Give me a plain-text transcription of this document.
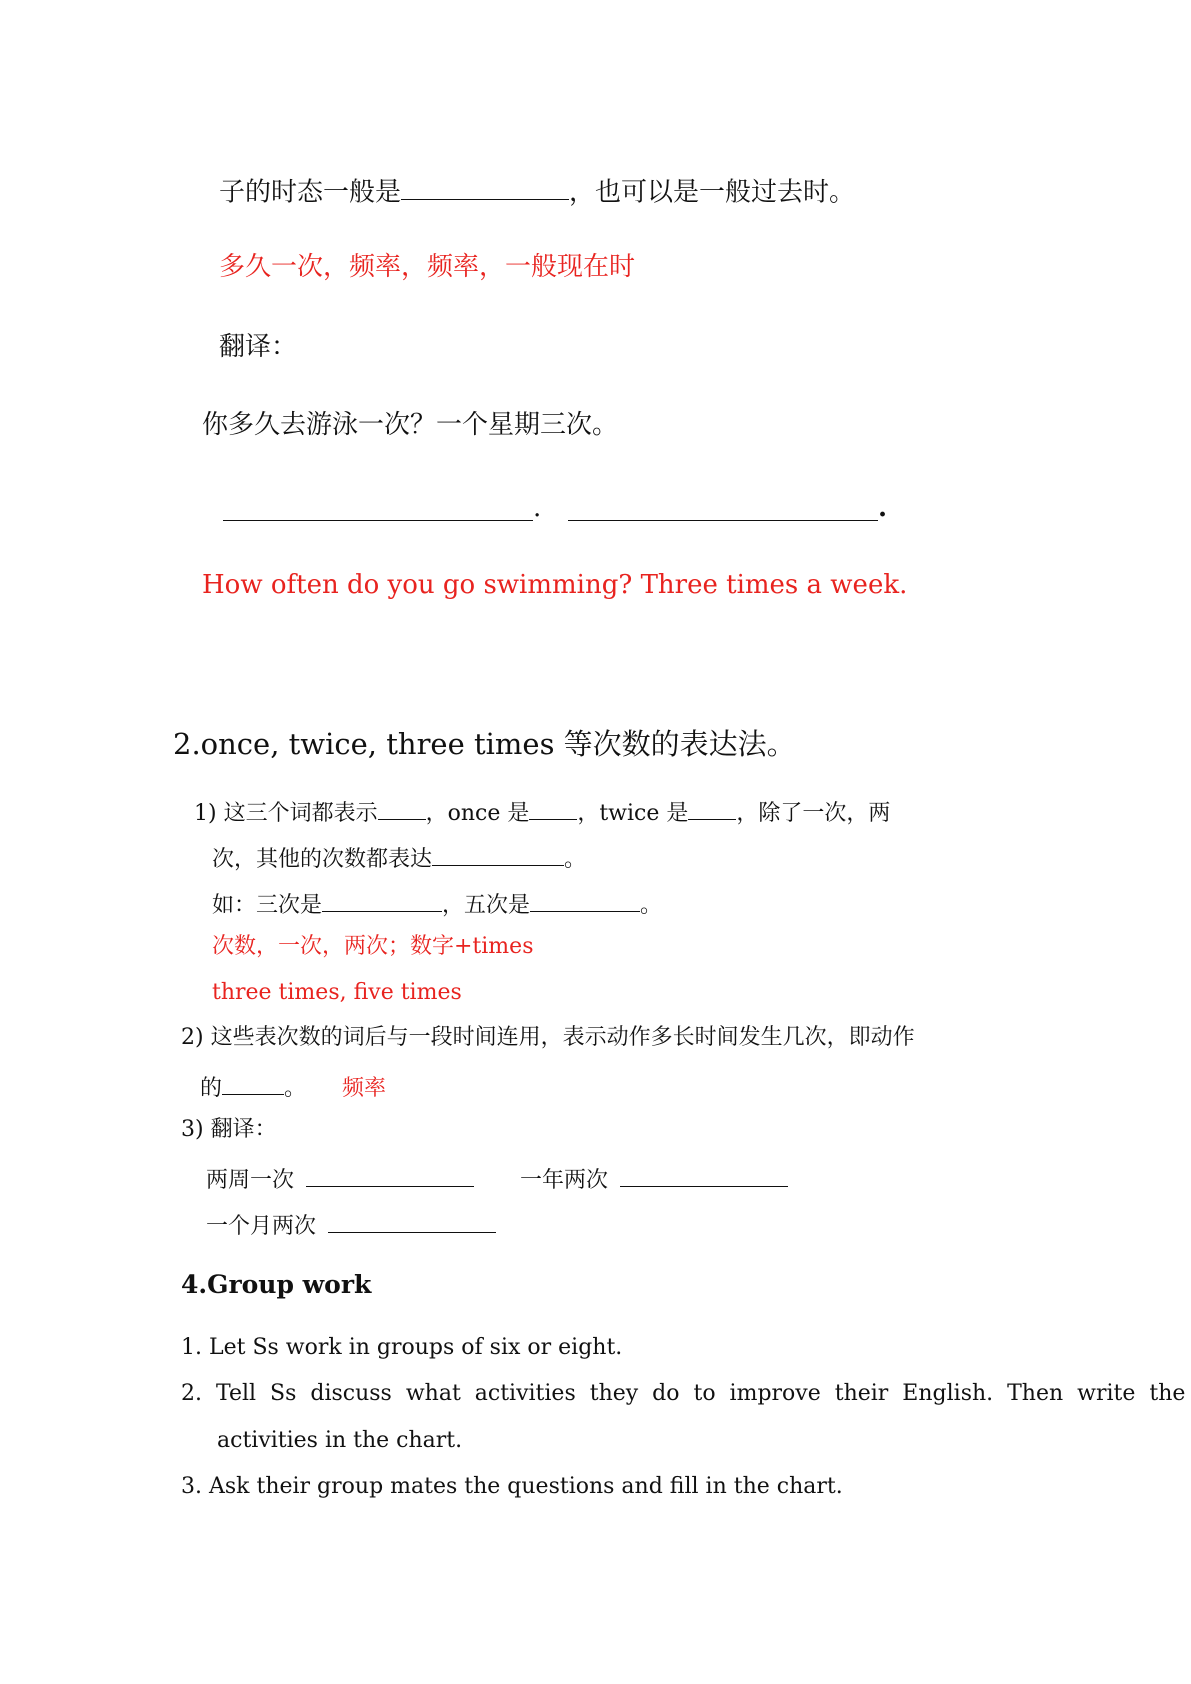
子的时态一般是	，也可以是一般过去时。
多久一次，频率，频率，一般现在时
翻译：
你多久去游泳一次？一个星期三次。
.	.
How often do you go swimming? Three times a week.
2.once, twice, three times 等次数的表达法。
1) 这三个词都表示 ，once 是 ，twice 是 ，除了一次，两
次，其他的次数都表达	。
如：三次是	，五次是	。
次数，一次，两次；数字+times
three times, five times
2) 这些表次数的词后与一段时间连用，表示动作多长时间发生几次，即动作
的	。 频率
3) 翻译：
两周一次	一年两次
一个月两次
4.Group work
1. Let Ss work in groups of six or eight.
2.  Tell  Ss  discuss  what  activities  they  do  to  improve  their  English.  Then  write  the
activities in the chart.
3. Ask their group mates the questions and fill in the chart.
